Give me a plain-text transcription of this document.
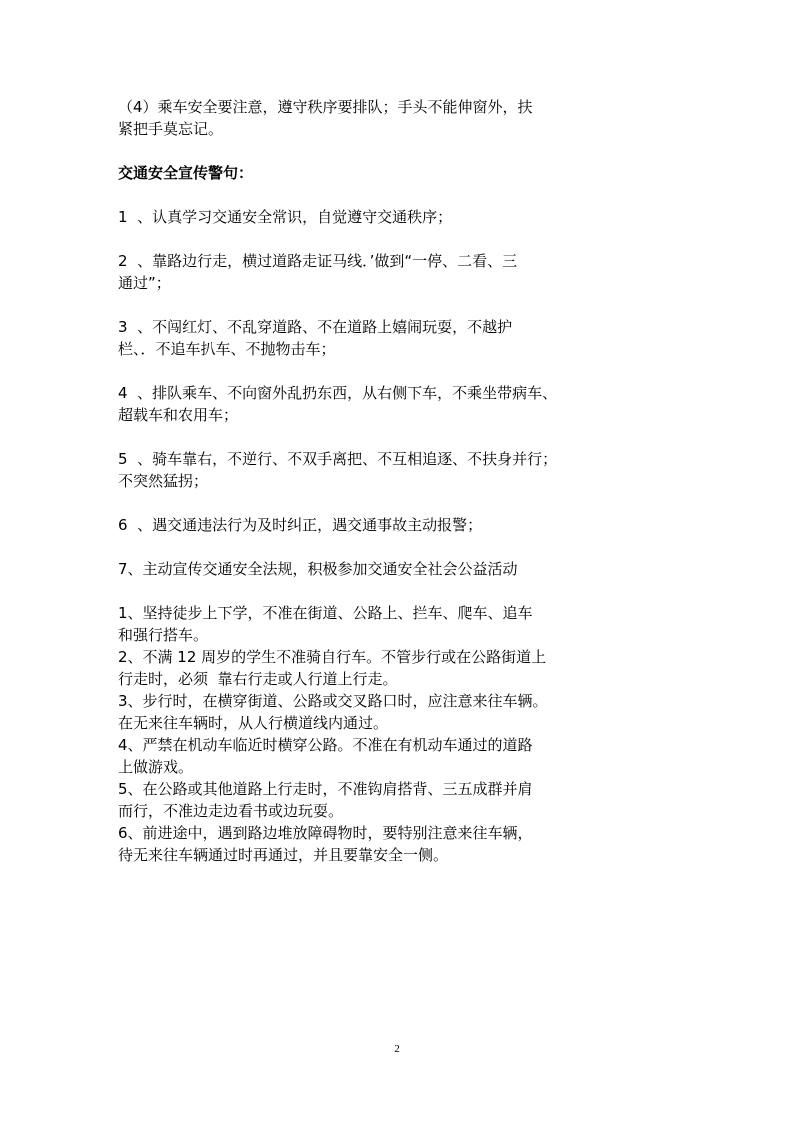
（4）乘车安全要注意，遵守秩序要排队；手头不能伸窗外，扶

紧把手莫忘记。

交通安全宣传警句：

1  、认真学习交通安全常识，自觉遵守交通秩序；

2  、靠路边行走，横过道路走证马线．’做到“一停、二看、三

通过”；

3  、不闯红灯、不乱穿道路、不在道路上嬉闹玩耍，不越护

栏、．不追车扒车、不抛物击车；

4  、排队乘车、不向窗外乱扔东西，从右侧下车，不乘坐带病车、

超载车和农用车；

5  、骑车靠右，不逆行、不双手离把、不互相追逐、不扶身并行；

不突然猛拐；

6  、遇交通违法行为及时纠正，遇交通事故主动报警；

7、主动宣传交通安全法规，积极参加交通安全社会公益活动

1、坚持徒步上下学，不准在街道、公路上、拦车、爬车、追车

和强行搭车。

2、不满 12 周岁的学生不准骑自行车。不管步行或在公路街道上

行走时，必须  靠右行走或人行道上行走。

3、步行时，在横穿街道、公路或交叉路口时，应注意来往车辆。

在无来往车辆时，从人行横道线内通过。

4、严禁在机动车临近时横穿公路。不准在有机动车通过的道路

上做游戏。

5、在公路或其他道路上行走时，不准钩肩搭背、三五成群并肩

而行，不准边走边看书或边玩耍。

6、前进途中，遇到路边堆放障碍物时，要特别注意来往车辆，

待无来往车辆通过时再通过，并且要靠安全一侧。

2
